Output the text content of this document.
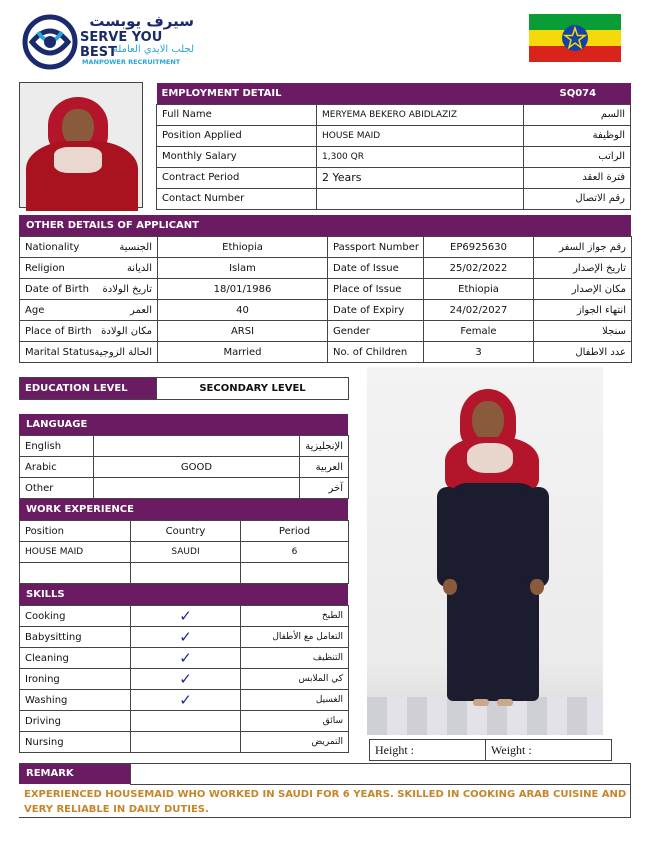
سيرف يوبست
SERVE YOU BEST
لجلب الايدي العاملة
MANPOWER RECRUITMENT
EMPLOYMENT DETAIL		SQ074
Full Name	MERYEMA BEKERO ABIDLAZIZ	االسم
Position Applied	HOUSE MAID	الوظيفة
Monthly Salary	1,300 QR	الراتب
Contract Period	2 Years	فترة العقد
Contact Number		رقم الاتصال
OTHER DETAILS OF APPLICANT
Nationality	الجنسية	Ethiopia	Passport Number	EP6925630	رقم جواز السفر
Religion	الديانة	Islam	Date of Issue	25/02/2022	تاريخ الإصدار
Date of Birth	تاريخ الولادة	18/01/1986	Place of Issue	Ethiopia	مكان الإصدار
Age	العمر	40	Date of Expiry	24/02/2027	انتهاء الجواز
Place of Birth	مكان الولادة	ARSI	Gender	Female	سنجلا
Marital Status	الحالة الزوجية	Married	No. of Children	3	عدد الاطفال
EDUCATION LEVEL	SECONDARY LEVEL
LANGUAGE
English		الإنجليزية
Arabic	GOOD	العربية
Other		آخر
WORK EXPERIENCE
Position	Country	Period
HOUSE MAID	SAUDI	6

SKILLS
Cooking	✓	الطبخ
Babysitting	✓	التعامل مع الأطفال
Cleaning	✓	التنظيف
Ironing	✓	كي الملابس
Washing	✓	الغسيل
Driving		سائق
Nursing		التمريض
Height :		Weight :	
REMARK
EXPERIENCED HOUSEMAID WHO WORKED IN SAUDI FOR 6 YEARS. SKILLED IN COOKING ARAB CUISINE AND VERY RELIABLE IN DAILY DUTIES.
